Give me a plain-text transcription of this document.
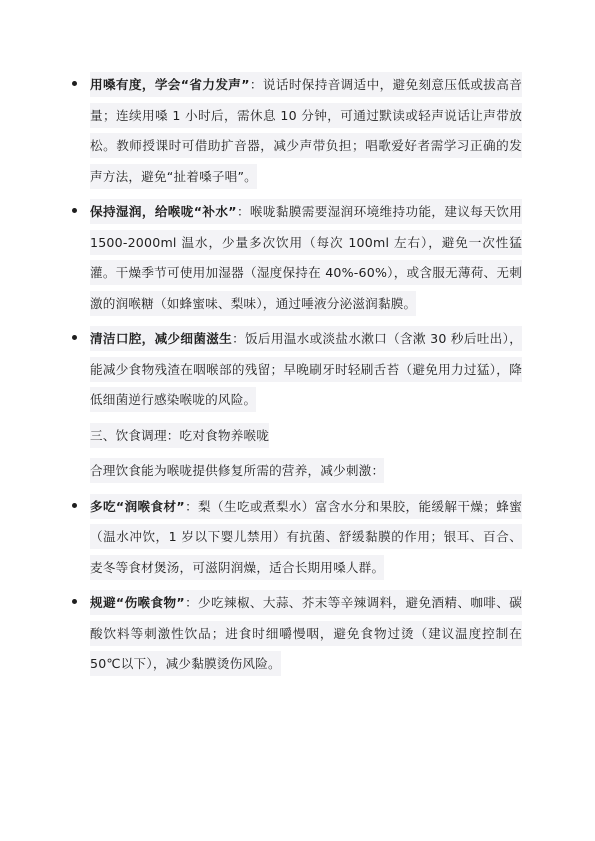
用嗓有度，学会“省力发声”：说话时保持音调适中，避免刻意压低或拔高音量；连续用嗓 1 小时后，需休息 10 分钟，可通过默读或轻声说话让声带放松。教师授课时可借助扩音器，减少声带负担；唱歌爱好者需学习正确的发声方法，避免“扯着嗓子唱”。
保持湿润，给喉咙“补水”：喉咙黏膜需要湿润环境维持功能，建议每天饮用 1500-2000ml 温水，少量多次饮用（每次 100ml 左右），避免一次性猛灌。干燥季节可使用加湿器（湿度保持在 40%-60%），或含服无薄荷、无刺激的润喉糖（如蜂蜜味、梨味），通过唾液分泌滋润黏膜。
清洁口腔，减少细菌滋生：饭后用温水或淡盐水漱口（含漱 30 秒后吐出），能减少食物残渣在咽喉部的残留；早晚刷牙时轻刷舌苔（避免用力过猛），降低细菌逆行感染喉咙的风险。
三、饮食调理：吃对食物养喉咙
合理饮食能为喉咙提供修复所需的营养，减少刺激：
多吃“润喉食材”：梨（生吃或煮梨水）富含水分和果胶，能缓解干燥；蜂蜜（温水冲饮，1 岁以下婴儿禁用）有抗菌、舒缓黏膜的作用；银耳、百合、麦冬等食材煲汤，可滋阴润燥，适合长期用嗓人群。
规避“伤喉食物”：少吃辣椒、大蒜、芥末等辛辣调料，避免酒精、咖啡、碳酸饮料等刺激性饮品；进食时细嚼慢咽，避免食物过烫（建议温度控制在 50℃以下），减少黏膜烫伤风险。
